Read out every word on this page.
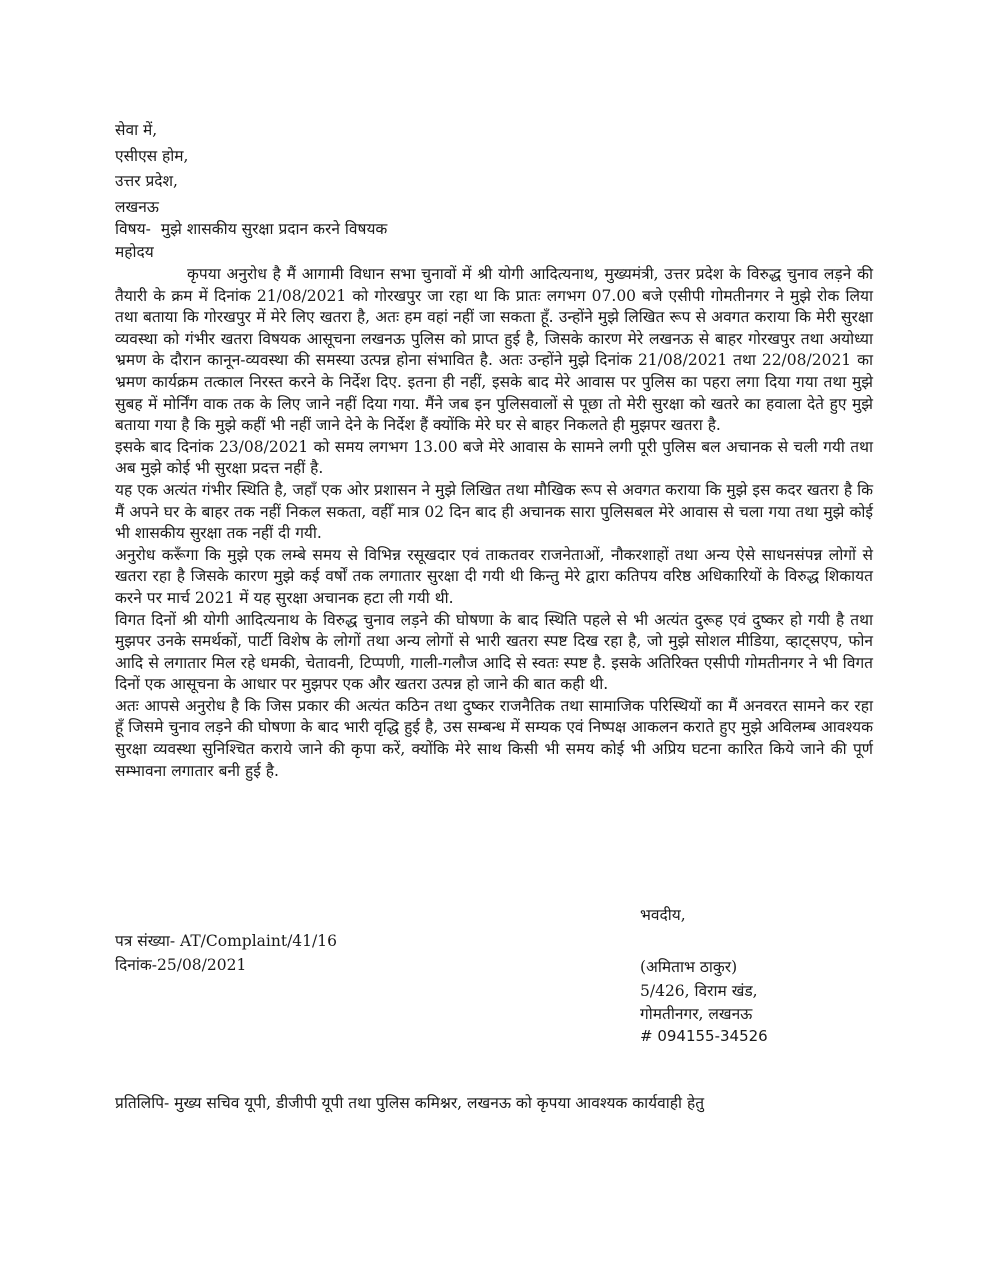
सेवा में,
एसीएस होम,
उत्तर प्रदेश,
लखनऊ
विषय- मुझे शासकीय सुरक्षा प्रदान करने विषयक
महोदय

कृपया अनुरोध है मैं आगामी विधान सभा चुनावों में श्री योगी आदित्यनाथ, मुख्यमंत्री, उत्तर प्रदेश के विरुद्ध चुनाव लड़ने की तैयारी के क्रम में दिनांक 21/08/2021 को गोरखपुर जा रहा था कि प्रातः लगभग 07.00 बजे एसीपी गोमतीनगर ने मुझे रोक लिया तथा बताया कि गोरखपुर में मेरे लिए खतरा है, अतः हम वहां नहीं जा सकता हूँ. उन्होंने मुझे लिखित रूप से अवगत कराया कि मेरी सुरक्षा व्यवस्था को गंभीर खतरा विषयक आसूचना लखनऊ पुलिस को प्राप्त हुई है, जिसके कारण मेरे लखनऊ से बाहर गोरखपुर तथा अयोध्या भ्रमण के दौरान कानून-व्यवस्था की समस्या उत्पन्न होना संभावित है. अतः उन्होंने मुझे दिनांक 21/08/2021 तथा 22/08/2021 का भ्रमण कार्यक्रम तत्काल निरस्त करने के निर्देश दिए. इतना ही नहीं, इसके बाद मेरे आवास पर पुलिस का पहरा लगा दिया गया तथा मुझे सुबह में मोर्निंग वाक तक के लिए जाने नहीं दिया गया. मैंने जब इन पुलिसवालों से पूछा तो मेरी सुरक्षा को खतरे का हवाला देते हुए मुझे बताया गया है कि मुझे कहीं भी नहीं जाने देने के निर्देश हैं क्योंकि मेरे घर से बाहर निकलते ही मुझपर खतरा है.

इसके बाद दिनांक 23/08/2021 को समय लगभग 13.00 बजे मेरे आवास के सामने लगी पूरी पुलिस बल अचानक से चली गयी तथा अब मुझे कोई भी सुरक्षा प्रदत्त नहीं है.

यह एक अत्यंत गंभीर स्थिति है, जहाँ एक ओर प्रशासन ने मुझे लिखित तथा मौखिक रूप से अवगत कराया कि मुझे इस कदर खतरा है कि मैं अपने घर के बाहर तक नहीं निकल सकता, वहीँ मात्र 02 दिन बाद ही अचानक सारा पुलिसबल मेरे आवास से चला गया तथा मुझे कोई भी शासकीय सुरक्षा तक नहीं दी गयी.

अनुरोध करूँगा कि मुझे एक लम्बे समय से विभिन्न रसूखदार एवं ताकतवर राजनेताओं, नौकरशाहों तथा अन्य ऐसे साधनसंपन्न लोगों से खतरा रहा है जिसके कारण मुझे कई वर्षों तक लगातार सुरक्षा दी गयी थी किन्तु मेरे द्वारा कतिपय वरिष्ठ अधिकारियों के विरुद्ध शिकायत करने पर मार्च 2021 में यह सुरक्षा अचानक हटा ली गयी थी.

विगत दिनों श्री योगी आदित्यनाथ के विरुद्ध चुनाव लड़ने की घोषणा के बाद स्थिति पहले से भी अत्यंत दुरूह एवं दुष्कर हो गयी है तथा मुझपर उनके समर्थकों, पार्टी विशेष के लोगों तथा अन्य लोगों से भारी खतरा स्पष्ट दिख रहा है, जो मुझे सोशल मीडिया, व्हाट्सएप, फोन आदि से लगातार मिल रहे धमकी, चेतावनी, टिप्पणी, गाली-गलौज आदि से स्वतः स्पष्ट है. इसके अतिरिक्त एसीपी गोमतीनगर ने भी विगत दिनों एक आसूचना के आधार पर मुझपर एक और खतरा उत्पन्न हो जाने की बात कही थी.

अतः आपसे अनुरोध है कि जिस प्रकार की अत्यंत कठिन तथा दुष्कर राजनैतिक तथा सामाजिक परिस्थियों का मैं अनवरत सामने कर रहा हूँ जिसमे चुनाव लड़ने की घोषणा के बाद भारी वृद्धि हुई है, उस सम्बन्ध में सम्यक एवं निष्पक्ष आकलन कराते हुए मुझे अविलम्ब आवश्यक सुरक्षा व्यवस्था सुनिश्चित कराये जाने की कृपा करें, क्योंकि मेरे साथ किसी भी समय कोई भी अप्रिय घटना कारित किये जाने की पूर्ण सम्भावना लगातार बनी हुई है.

भवदीय,
पत्र संख्या- AT/Complaint/41/16
दिनांक-25/08/2021	(अमिताभ ठाकुर)
5/426, विराम खंड,
गोमतीनगर, लखनऊ
# 094155-34526
प्रतिलिपि- मुख्य सचिव यूपी, डीजीपी यूपी तथा पुलिस कमिश्नर, लखनऊ को कृपया आवश्यक कार्यवाही हेतु
